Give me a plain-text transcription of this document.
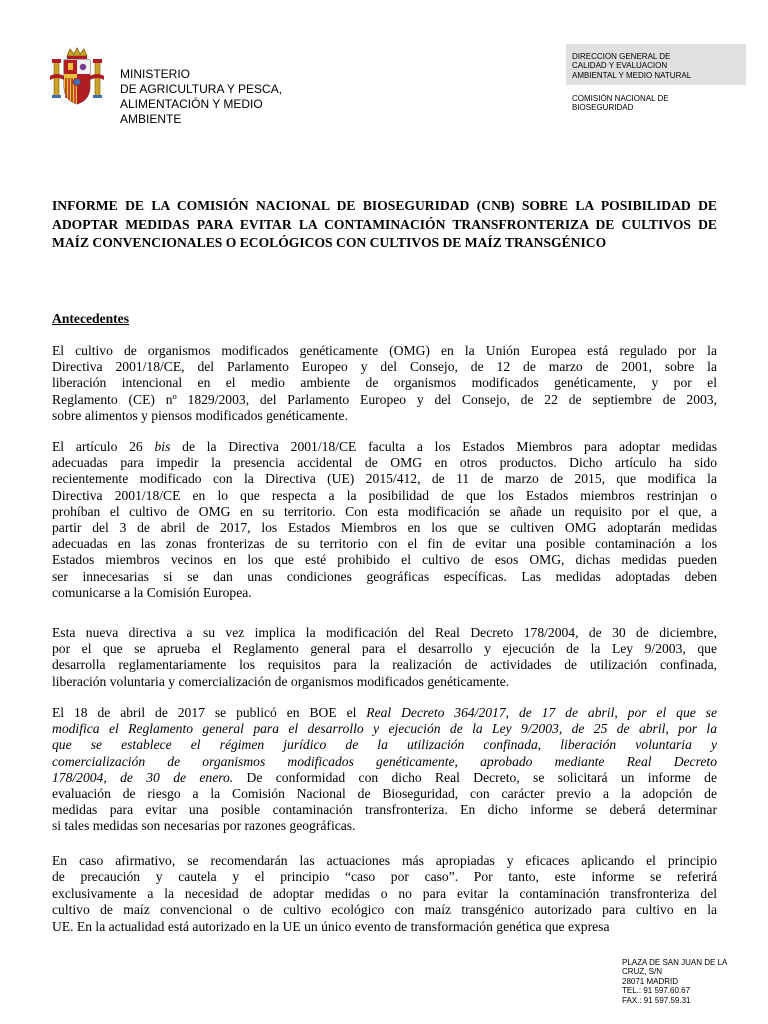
MINISTERIO
DE AGRICULTURA Y PESCA,
ALIMENTACIÓN Y MEDIO
AMBIENTE
DIRECCION GENERAL DE
CALIDAD Y EVALUACION
AMBIENTAL Y MEDIO NATURAL
COMISIÓN NACIONAL DE
BIOSEGURIDAD
INFORME DE LA COMISIÓN NACIONAL DE BIOSEGURIDAD (CNB) SOBRE LA POSIBILIDAD DE ADOPTAR MEDIDAS PARA EVITAR LA CONTAMINACIÓN TRANSFRONTERIZA DE CULTIVOS DE MAÍZ CONVENCIONALES O ECOLÓGICOS CON CULTIVOS DE MAÍZ TRANSGÉNICO
Antecedentes
El cultivo de organismos modificados genéticamente (OMG) en la Unión Europea está regulado por la
Directiva 2001/18/CE, del Parlamento Europeo y del Consejo, de 12 de marzo de 2001, sobre la
liberación intencional en el medio ambiente de organismos modificados genéticamente, y por el
Reglamento (CE) nº 1829/2003, del Parlamento Europeo y del Consejo, de 22 de septiembre de 2003,
sobre alimentos y piensos modificados genéticamente.
El artículo 26 bis de la Directiva 2001/18/CE faculta a los Estados Miembros para adoptar medidas
adecuadas para impedir la presencia accidental de OMG en otros productos. Dicho artículo ha sido
recientemente modificado con la Directiva (UE) 2015/412, de 11 de marzo de 2015, que modifica la
Directiva 2001/18/CE en lo que respecta a la posibilidad de que los Estados miembros restrinjan o
prohíban el cultivo de OMG en su territorio. Con esta modificación se añade un requisito por el que, a
partir del 3 de abril de 2017, los Estados Miembros en los que se cultiven OMG adoptarán medidas
adecuadas en las zonas fronterizas de su territorio con el fin de evitar una posible contaminación a los
Estados miembros vecinos en los que esté prohibido el cultivo de esos OMG, dichas medidas pueden
ser innecesarias si se dan unas condiciones geográficas específicas. Las medidas adoptadas deben
comunicarse a la Comisión Europea.
Esta nueva directiva a su vez implica la modificación del Real Decreto 178/2004, de 30 de diciembre,
por el que se aprueba el Reglamento general para el desarrollo y ejecución de la Ley 9/2003, que
desarrolla reglamentariamente los requisitos para la realización de actividades de utilización confinada,
liberación voluntaria y comercialización de organismos modificados genéticamente.
El 18 de abril de 2017 se publicó en BOE el Real Decreto 364/2017, de 17 de abril, por el que se
modifica el Reglamento general para el desarrollo y ejecución de la Ley 9/2003, de 25 de abril, por la
que se establece el régimen jurídico de la utilización confinada, liberación voluntaria y
comercialización de organismos modificados genéticamente, aprobado mediante Real Decreto
178/2004, de 30 de enero. De conformidad con dicho Real Decreto, se solicitará un informe de
evaluación de riesgo a la Comisión Nacional de Bioseguridad, con carácter previo a la adopción de
medidas para evitar una posible contaminación transfronteriza. En dicho informe se deberá determinar
si tales medidas son necesarias por razones geográficas.
En caso afirmativo, se recomendarán las actuaciones más apropiadas y eficaces aplicando el principio
de precaución y cautela y el principio “caso por caso”. Por tanto, este informe se referirá
exclusivamente a la necesidad de adoptar medidas o no para evitar la contaminación transfronteriza del
cultivo de maíz convencional o de cultivo ecológico con maíz transgénico autorizado para cultivo en la
UE. En la actualidad está autorizado en la UE un único evento de transformación genética que expresa
PLAZA DE SAN JUAN DE LA
CRUZ, S/N
28071 MADRID
TEL.: 91 597.60.67
FAX.: 91 597.59.31
